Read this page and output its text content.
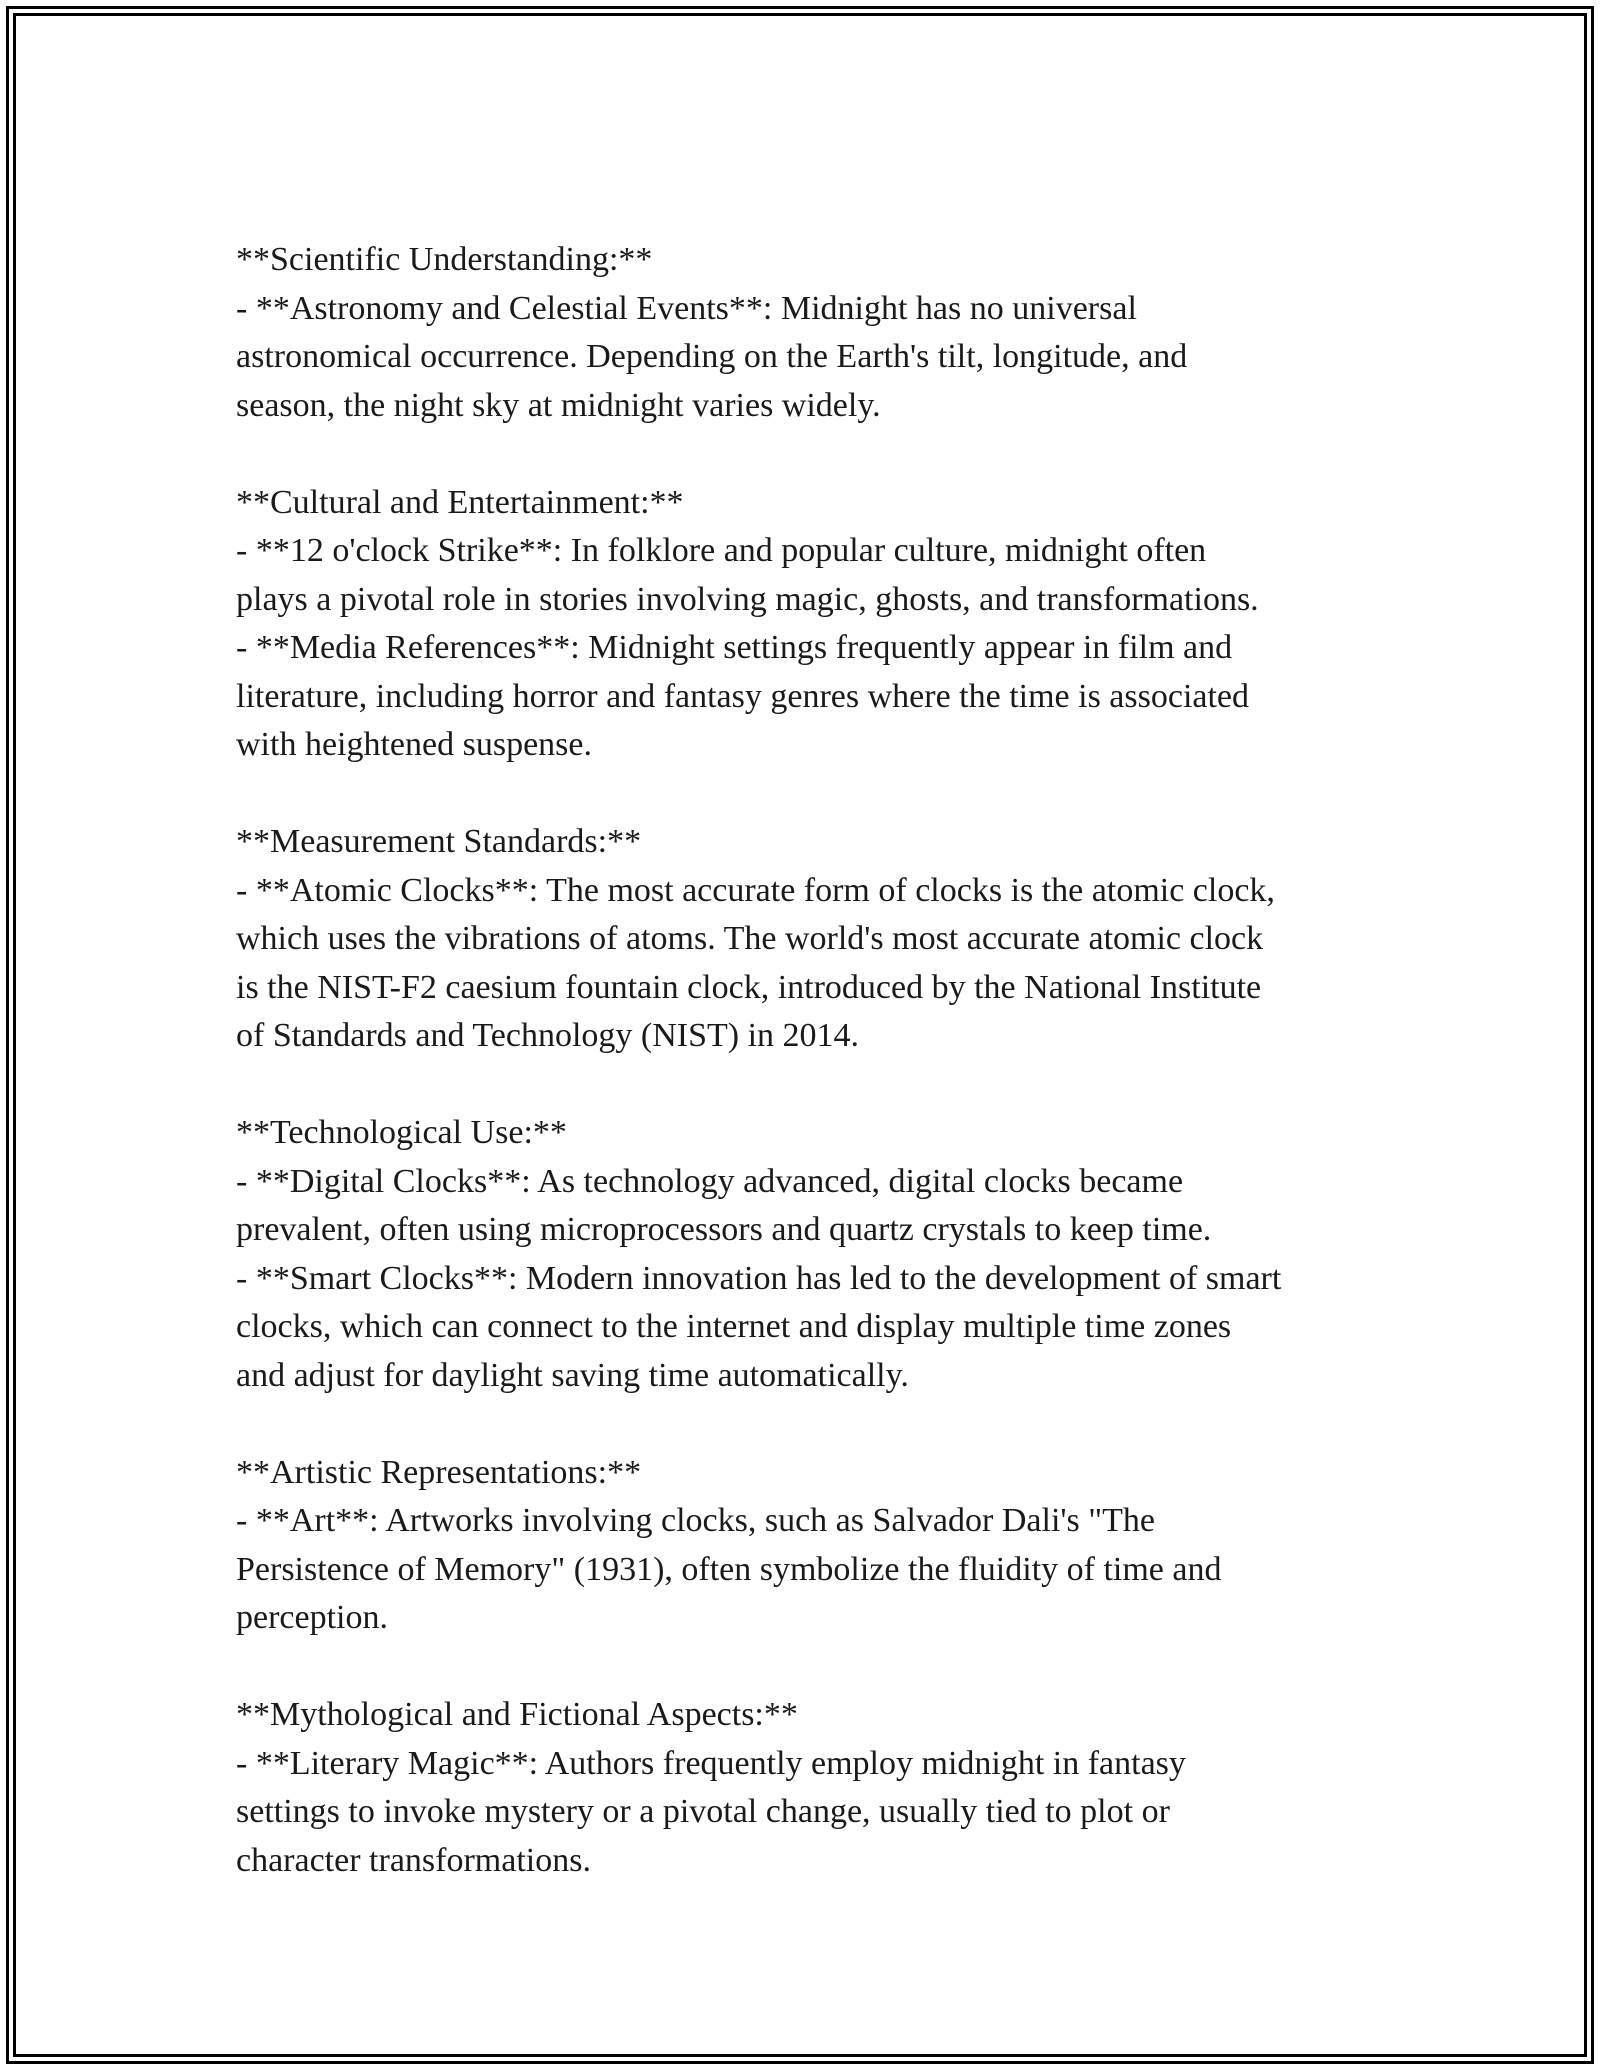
**Scientific Understanding:**

- **Astronomy and Celestial Events**: Midnight has no universal

astronomical occurrence. Depending on the Earth's tilt, longitude, and

season, the night sky at midnight varies widely.

**Cultural and Entertainment:**

- **12 o'clock Strike**: In folklore and popular culture, midnight often

plays a pivotal role in stories involving magic, ghosts, and transformations.

- **Media References**: Midnight settings frequently appear in film and

literature, including horror and fantasy genres where the time is associated

with heightened suspense.

**Measurement Standards:**

- **Atomic Clocks**: The most accurate form of clocks is the atomic clock,

which uses the vibrations of atoms. The world's most accurate atomic clock

is the NIST-F2 caesium fountain clock, introduced by the National Institute

of Standards and Technology (NIST) in 2014.

**Technological Use:**

- **Digital Clocks**: As technology advanced, digital clocks became

prevalent, often using microprocessors and quartz crystals to keep time.

- **Smart Clocks**: Modern innovation has led to the development of smart

clocks, which can connect to the internet and display multiple time zones

and adjust for daylight saving time automatically.

**Artistic Representations:**

- **Art**: Artworks involving clocks, such as Salvador Dali's "The

Persistence of Memory" (1931), often symbolize the fluidity of time and

perception.

**Mythological and Fictional Aspects:**

- **Literary Magic**: Authors frequently employ midnight in fantasy

settings to invoke mystery or a pivotal change, usually tied to plot or

character transformations.
